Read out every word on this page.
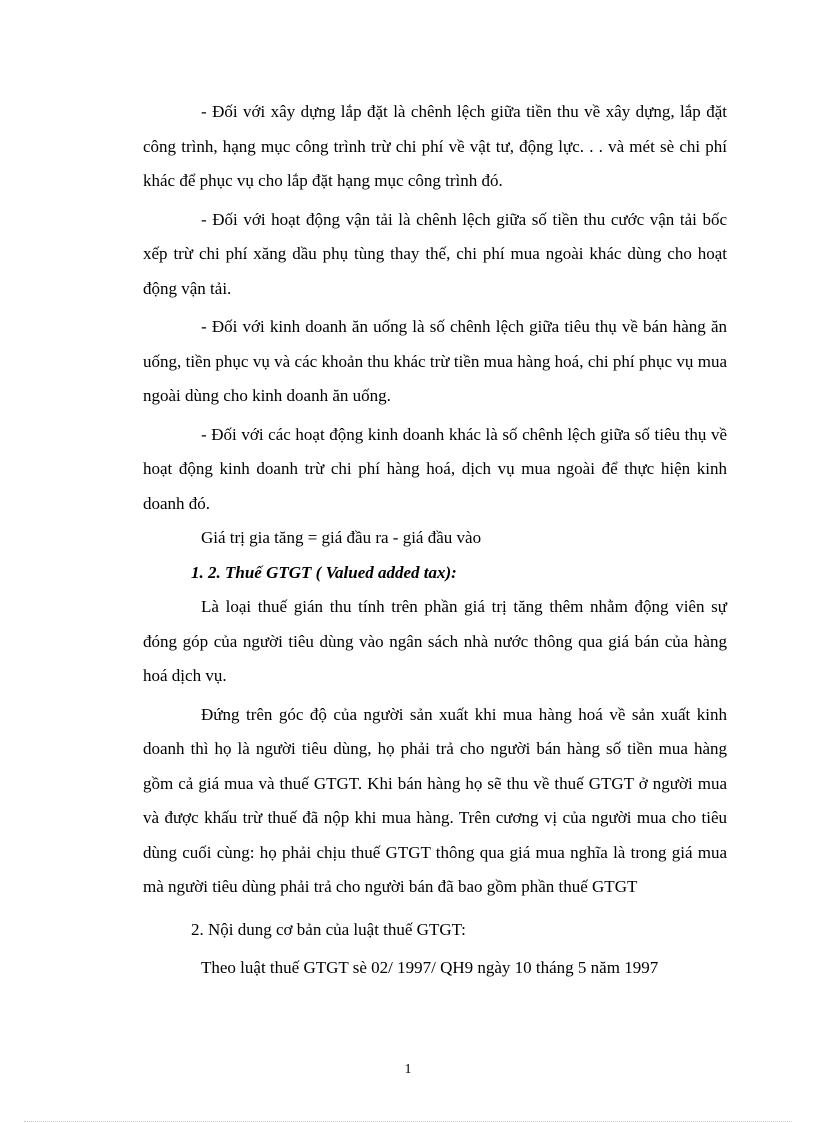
- Đối với xây dựng lắp đặt là chênh lệch giữa tiền thu về xây dựng, lắp đặt công trình, hạng mục công trình trừ chi phí về vật tư, động lực. . . và mét sè chi phí khác để phục vụ cho lắp đặt hạng mục công trình đó.

- Đối với hoạt động vận tải là chênh lệch giữa số tiền thu cước vận tải bốc xếp trừ chi phí xăng dầu phụ tùng thay thế, chi phí mua ngoài khác dùng cho hoạt động vận tải.

- Đối với kinh doanh ăn uống là số chênh lệch giữa tiêu thụ về bán hàng ăn uống, tiền phục vụ và các khoản thu khác trừ tiền mua hàng hoá, chi phí phục vụ mua ngoài dùng cho kinh doanh ăn uống.

- Đối với các hoạt động kinh doanh khác là số chênh lệch giữa số tiêu thụ về hoạt động kinh doanh trừ chi phí hàng hoá, dịch vụ mua ngoài để thực hiện kinh doanh đó.

Giá trị gia tăng = giá đầu ra - giá đầu vào

1. 2. Thuế GTGT ( Valued added tax):

Là loại thuế gián thu tính trên phần giá trị tăng thêm nhằm động viên sự đóng góp của người tiêu dùng vào ngân sách nhà nước thông qua giá bán của hàng hoá dịch vụ.

Đứng trên góc độ của người sản xuất khi mua hàng hoá về sản xuất kinh doanh thì họ là người tiêu dùng, họ phải trả cho người bán hàng số tiền mua hàng gồm cả giá mua và thuế GTGT. Khi bán hàng họ sẽ thu về thuế GTGT ở người mua và được khấu trừ thuế đã nộp khi mua hàng. Trên cương vị của người mua cho tiêu dùng cuối cùng: họ phải chịu thuế GTGT thông qua giá mua nghĩa là trong giá mua mà người tiêu dùng phải trả cho người bán đã bao gồm phần thuế GTGT

2. Nội dung cơ bản của luật thuế GTGT:

Theo luật thuế GTGT sè 02/ 1997/ QH9 ngày 10 tháng 5 năm 1997

1
